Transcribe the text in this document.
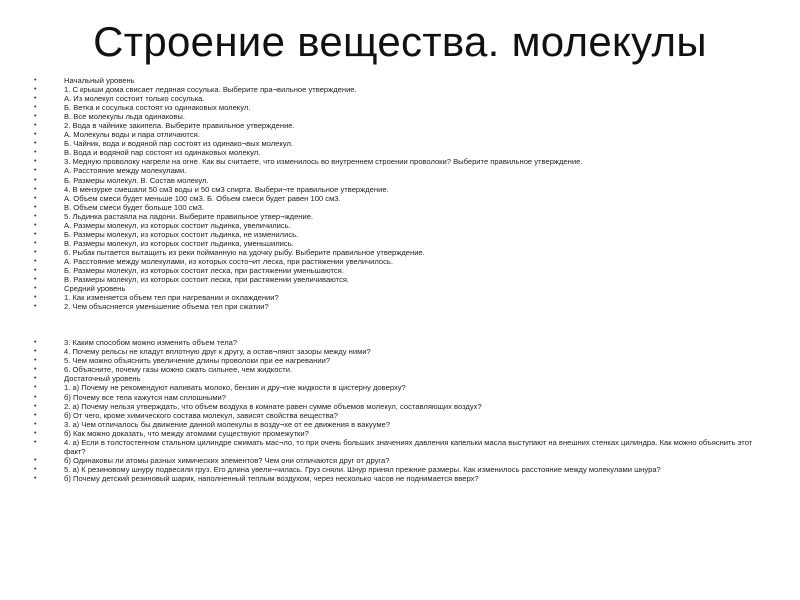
Строение вещества. молекулы
• Начальный уровень
• 1. С крыши дома свисает ледяная сосулька. Выберите пра¬вильное утверждение.
• A. Из молекул состоит только сосулька.
• Б. Ветка и сосулька состоят из одинаковых молекул.
• B. Все молекулы льда одинаковы.
• 2. Вода в чайнике закипела. Выберите правильное утверждение.
• A. Молекулы воды и пара отличаются.
• Б. Чайник, вода и водяной пар состоят из одинако¬вых молекул.
• B. Вода и водяной пар состоят из одинаковых молекул.
• 3. Медную проволоку нагрели на огне. Как вы считаете, что изменилось во внутреннем строении проволоки? Выберите правильное утверждение.
• A. Расстояние между молекулами.
• Б. Размеры молекул. В. Состав молекул.
• 4. В мензурке смешали 50 см3 воды и 50 см3 спирта. Выбери¬те правильное утверждение.
• A. Объем смеси будет меньше 100 см3. Б. Объем смеси будет равен 100 см3.
• B. Объем смеси будет больше 100 см3.
• 5. Льдинка растаяла на ладони. Выберите правильное утвер¬ждение.
• A. Размеры молекул, из которых состоит льдинка, увеличились.
• Б. Размеры молекул, из которых состоит льдинка, не изменились.
• B. Размеры молекул, из которых состоит льдинка, уменьшились.
• 6. Рыбак пытается вытащить из реки пойманную на удочку рыбу. Выберите правильное утверждение.
• A. Расстояние между молекулами, из которых состо¬ит леска, при растяжении увеличилось.
• Б. Размеры молекул, из которых состоит леска, при растяжении уменьшаются.
• B. Размеры молекул, из которых состоит леска, при растяжении увеличиваются.
• Средний уровень
• 1. Как изменяется объем тел при нагревании и охлаждении?
• 2. Чем объясняется уменьшение объема тел при сжатии?
• 3. Каким способом можно изменить объем тела?
• 4. Почему рельсы не кладут вплотную друг к другу, а остав¬ляют зазоры между ними?
• 5. Чем можно объяснить увеличение длины проволоки при ее нагревании?
• 6. Объясните, почему газы можно сжать сильнее, чем жидкости.
• Достаточный уровень
• 1. а) Почему не рекомендуют наливать молоко, бензин и дру¬гие жидкости в цистерну доверху?
• б) Почему все тела кажутся нам сплошными?
• 2. а) Почему нельзя утверждать, что объем воздуха в комнате равен сумме объемов молекул, составляющих воздух?
• б) От чего, кроме химического состава молекул, зависят свойства вещества?
• 3. а) Чем отличалось бы движение данной молекулы в возду¬хе от ее движения в вакууме?
• б) Как можно доказать, что между атомами существуют промежутки?
• 4. а) Если в толстостенном стальном цилиндре сжимать мас¬ло, то при очень больших значениях давления капельки масла выступают на внешних стенках цилиндра. Как можно объяснить этот факт?
• б) Одинаковы ли атомы разных химических элементов? Чем они отличаются друг от друга?
• 5. а) К резиновому шнуру подвесили груз. Его длина увели¬чилась. Груз сняли. Шнур принял прежние размеры. Как изменилось расстояние между молекулами шнура?
• б) Почему детский резиновый шарик, наполненный теплым воздухом, через несколько часов не поднимается вверх?
